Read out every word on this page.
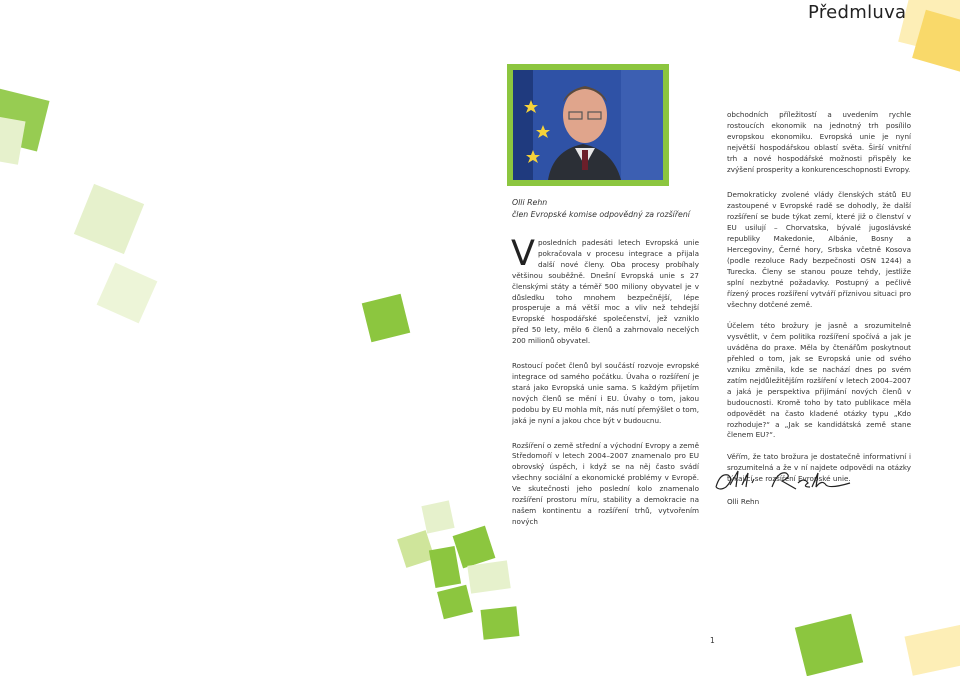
Předmluva
Olli Rehn
člen Evropské komise odpovědný za rozšíření

Vposledních padesáti letech Evropská unie pokračovala v procesu integrace a přijala další nové členy. Oba procesy probíhaly většinou souběžně. Dnešní Evropská unie s 27 členskými státy a téměř 500 miliony obyvatel je v důsledku toho mnohem bezpečnější, lépe prosperuje a má větší moc a vliv než tehdejší Evropské hospodářské společenství, jež vzniklo před 50 lety, mělo 6 členů a zahrnovalo necelých 200 milionů obyvatel.

Rostoucí počet členů byl součástí rozvoje evropské integrace od samého počátku. Úvaha o rozšíření je stará jako Evropská unie sama. S každým přijetím nových členů se mění i EU. Úvahy o tom, jakou podobu by EU mohla mít, nás nutí přemýšlet o tom, jaká je nyní a jakou chce být v budoucnu.

Rozšíření o země střední a východní Evropy a země Středomoří v letech 2004–2007 znamenalo pro EU obrovský úspěch, i když se na něj často svádí všechny sociální a ekonomické problémy v Evropě. Ve skutečnosti jeho poslední kolo znamenalo rozšíření prostoru míru, stability a demokracie na našem kontinentu a rozšíření trhů, vytvořením nových

obchodních příležitostí a uvedením rychle rostoucích ekonomik na jednotný trh posílilo evropskou ekonomiku. Evropská unie je nyní největší hospodářskou oblastí světa. Širší vnitřní trh a nové hospodářské možnosti přispěly ke zvýšení prosperity a konkurenceschopnosti Evropy.

Demokraticky zvolené vlády členských států EU zastoupené v Evropské radě se dohodly, že další rozšíření se bude týkat zemí, které již o členství v EU usilují – Chorvatska, bývalé jugoslávské republiky Makedonie, Albánie, Bosny a Hercegoviny, Černé hory, Srbska včetně Kosova (podle rezoluce Rady bezpečnosti OSN 1244) a Turecka. Členy se stanou pouze tehdy, jestliže splní nezbytné požadavky. Postupný a pečlivě řízený proces rozšíření vytváří příznivou situaci pro všechny dotčené země.

Účelem této brožury je jasně a srozumitelně vysvětlit, v čem politika rozšíření spočívá a jak je uváděna do praxe. Měla by čtenářům poskytnout přehled o tom, jak se Evropská unie od svého vzniku změnila, kde se nachází dnes po svém zatím nejdůležitějším rozšíření v letech 2004–2007 a jaká je perspektiva přijímání nových členů v budoucnosti. Kromě toho by tato publikace měla odpovědět na často kladené otázky typu „Kdo rozhoduje?“ a „Jak se kandidátská země stane členem EU?“.

Věřím, že tato brožura je dostatečně informativní i srozumitelná a že v ní najdete odpovědi na otázky týkající se rozšíření Evropské unie.

Olli Rehn
1
